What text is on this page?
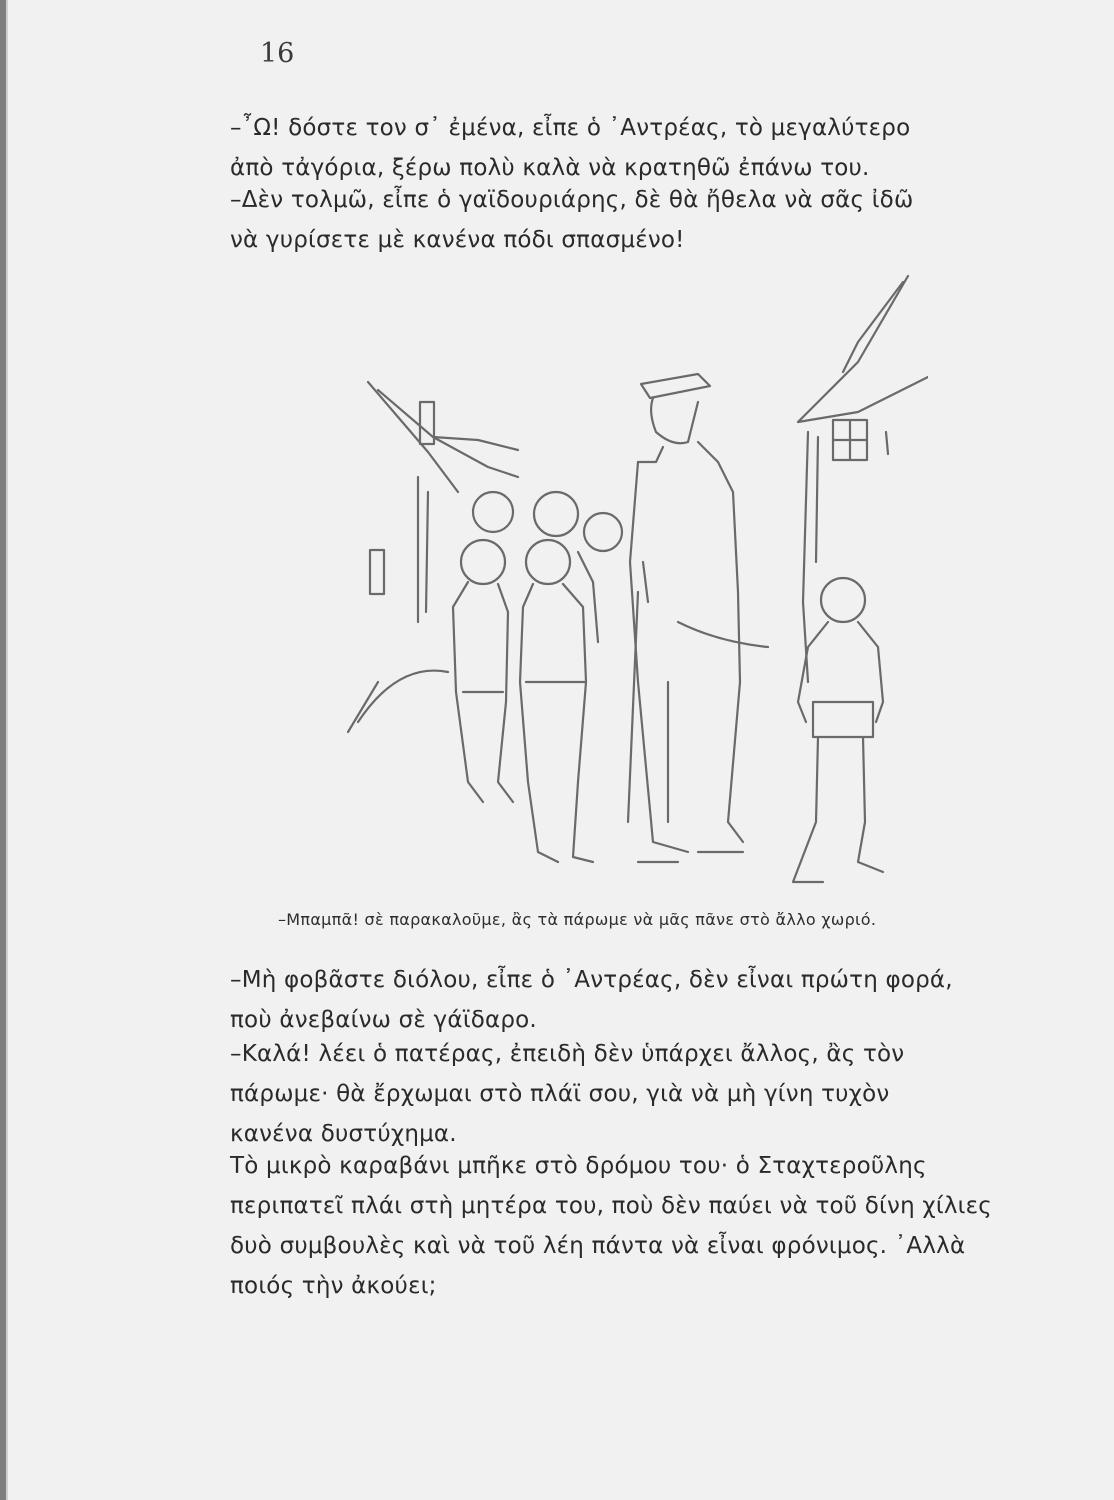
16

–῏Ω! δόστε τον σ᾿ ἐμένα, εἶπε ὁ ᾿Αντρέας, τὸ μεγαλύτερο
ἀπὸ τἀγόρια, ξέρω πολὺ καλὰ νὰ κρατηθῶ ἐπάνω του.

–Δὲν τολμῶ, εἶπε ὁ γαϊδουριάρης, δὲ θὰ ἤθελα νὰ σᾶς ἰδῶ
νὰ γυρίσετε μὲ κανένα πόδι σπασμένο!

–Μπαμπᾶ! σὲ παρακαλοῦμε, ἂς τὰ πάρωμε νὰ μᾶς πᾶνε στὸ ἄλλο χωριό.

–Μὴ φοβᾶστε διόλου, εἶπε ὁ ᾿Αντρέας, δὲν εἶναι πρώτη φορά,
ποὺ ἀνεβαίνω σὲ γάϊδαρο.

–Καλά! λέει ὁ πατέρας, ἐπειδὴ δὲν ὑπάρχει ἄλλος, ἂς τὸν
πάρωμε· θὰ ἔρχωμαι στὸ πλάϊ σου, γιὰ νὰ μὴ γίνη τυχὸν
κανένα δυστύχημα.

Τὸ μικρὸ καραβάνι μπῆκε στὸ δρόμου του· ὁ Σταχτεροῦλης
περιπατεῖ πλάι στὴ μητέρα του, ποὺ δὲν παύει νὰ τοῦ δίνη χίλιες
δυὸ συμβουλὲς καὶ νὰ τοῦ λέη πάντα νὰ εἶναι φρόνιμος. ᾿Αλλὰ
ποιός τὴν ἀκούει;
